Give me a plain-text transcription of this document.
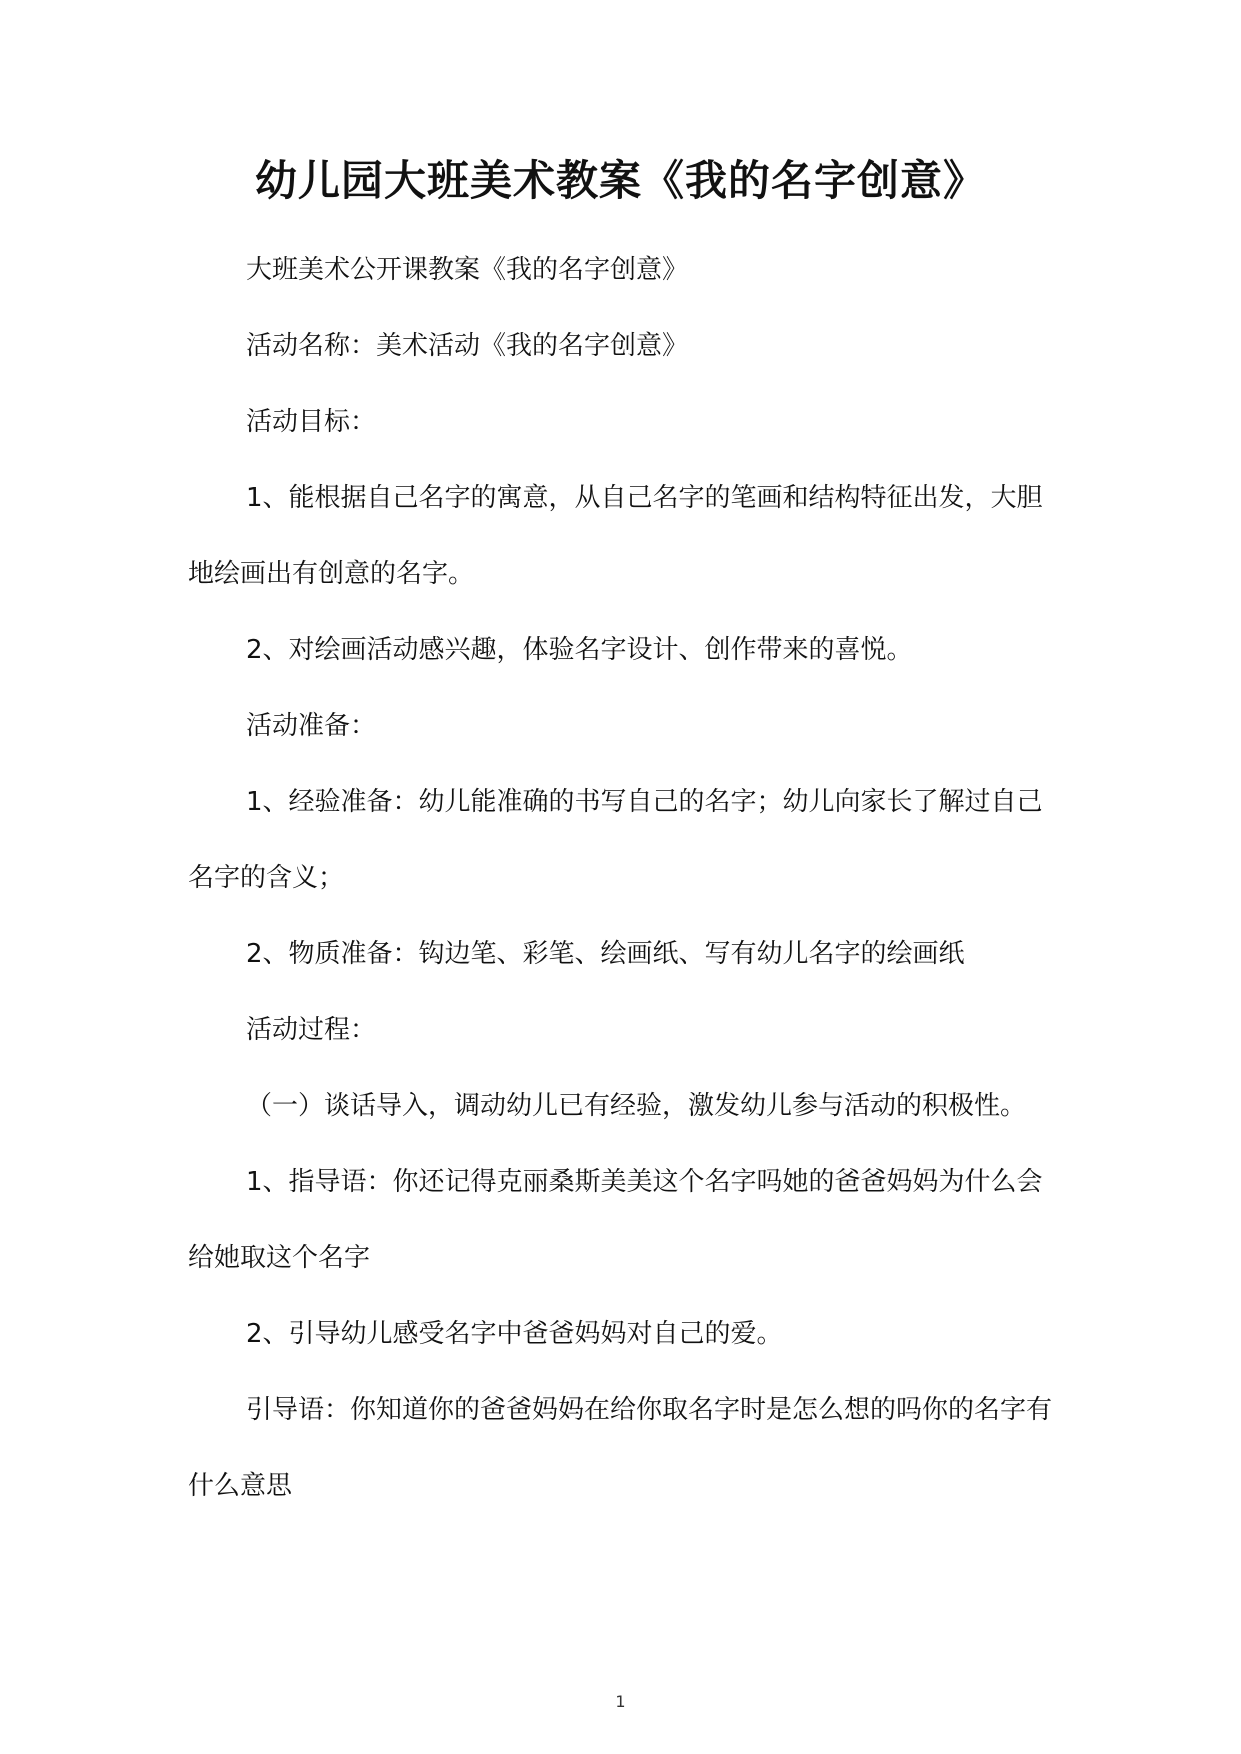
幼儿园大班美术教案《我的名字创意》

大班美术公开课教案《我的名字创意》

活动名称：美术活动《我的名字创意》

活动目标：

1、能根据自己名字的寓意，从自己名字的笔画和结构特征出发，大胆地绘画出有创意的名字。

2、对绘画活动感兴趣，体验名字设计、创作带来的喜悦。

活动准备：

1、经验准备：幼儿能准确的书写自己的名字；幼儿向家长了解过自己名字的含义；

2、物质准备：钩边笔、彩笔、绘画纸、写有幼儿名字的绘画纸

活动过程：

（一）谈话导入，调动幼儿已有经验，激发幼儿参与活动的积极性。

1、指导语：你还记得克丽桑斯美美这个名字吗她的爸爸妈妈为什么会给她取这个名字

2、引导幼儿感受名字中爸爸妈妈对自己的爱。

引导语：你知道你的爸爸妈妈在给你取名字时是怎么想的吗你的名字有什么意思

1
